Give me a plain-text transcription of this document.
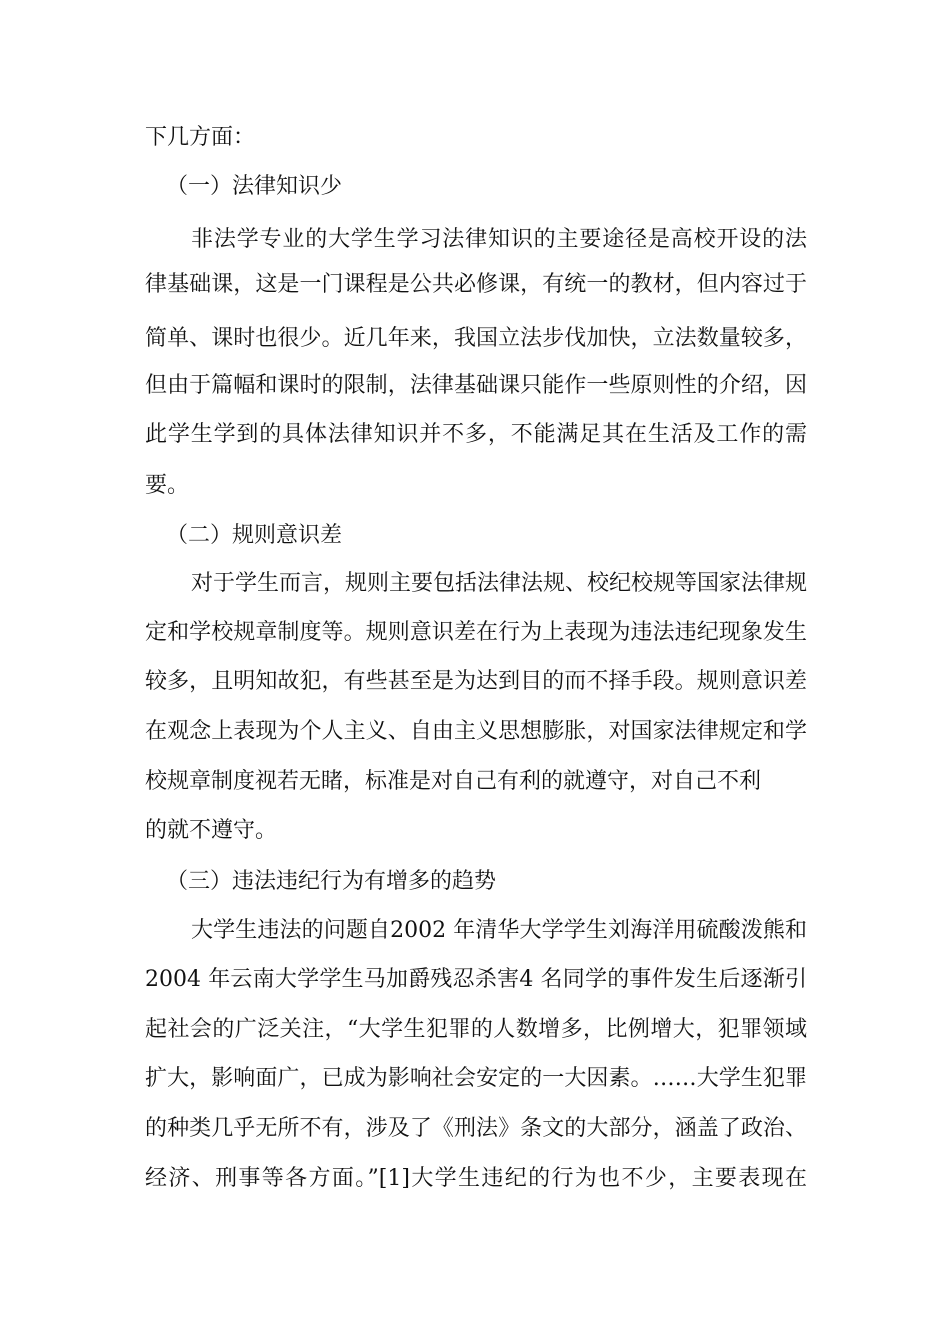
下几方面：
（一）法律知识少
非法学专业的大学生学习法律知识的主要途径是高校开设的法
律基础课，这是一门课程是公共必修课，有统一的教材，但内容过于
简单、课时也很少。近几年来，我国立法步伐加快，立法数量较多，
但由于篇幅和课时的限制，法律基础课只能作一些原则性的介绍，因
此学生学到的具体法律知识并不多，不能满足其在生活及工作的需
要。
（二）规则意识差
对于学生而言，规则主要包括法律法规、校纪校规等国家法律规
定和学校规章制度等。规则意识差在行为上表现为违法违纪现象发生
较多，且明知故犯，有些甚至是为达到目的而不择手段。规则意识差
在观念上表现为个人主义、自由主义思想膨胀，对国家法律规定和学
校规章制度视若无睹，标准是对自己有利的就遵守，对自己不利
的就不遵守。
（三）违法违纪行为有增多的趋势
大学生违法的问题自2002 年清华大学学生刘海洋用硫酸泼熊和
2004 年云南大学学生马加爵残忍杀害4 名同学的事件发生后逐渐引
起社会的广泛关注，“大学生犯罪的人数增多，比例增大，犯罪领域
扩大，影响面广，已成为影响社会安定的一大因素。……大学生犯罪
的种类几乎无所不有，涉及了《刑法》条文的大部分，涵盖了政治、
经济、刑事等各方面。”[1]大学生违纪的行为也不少，主要表现在
